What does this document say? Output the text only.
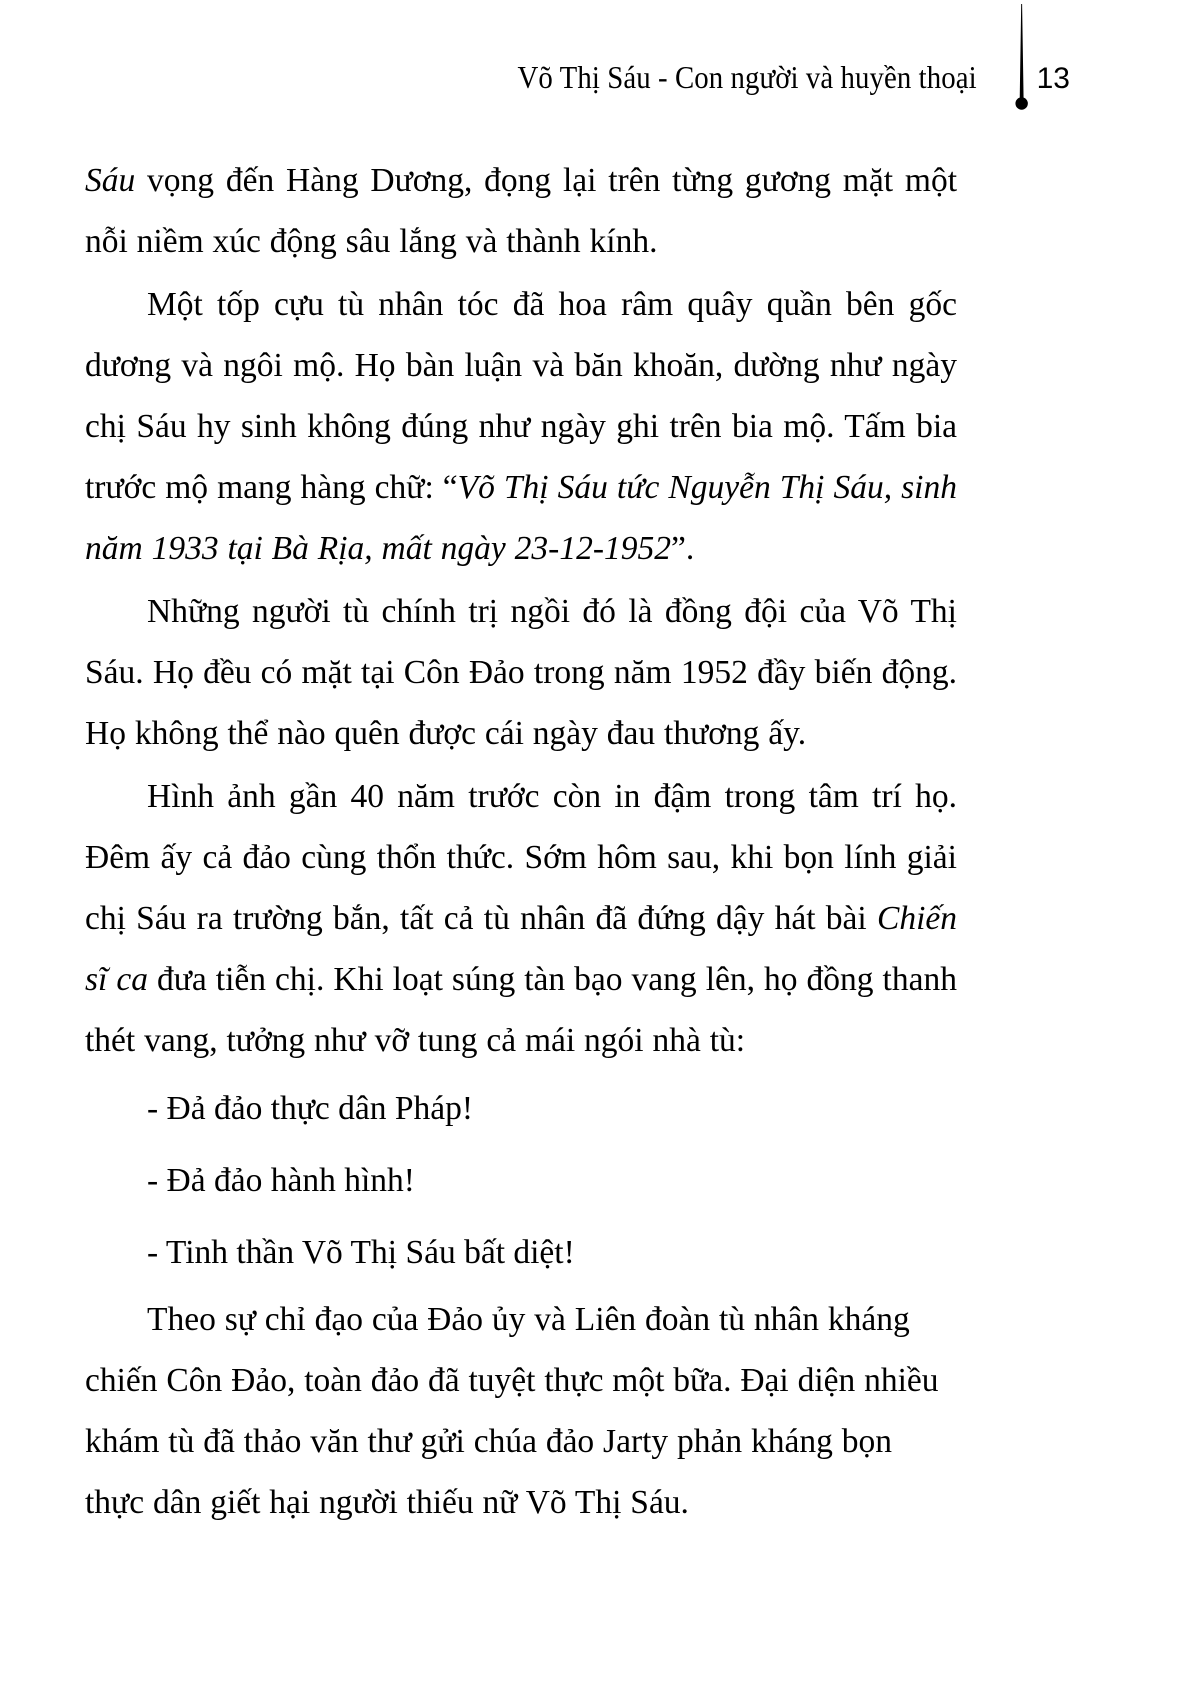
Võ Thị Sáu - Con người và huyền thoại 13

Sáu vọng đến Hàng Dương, đọng lại trên từng gương mặt một nỗi niềm xúc động sâu lắng và thành kính.

Một tốp cựu tù nhân tóc đã hoa râm quây quần bên gốc dương và ngôi mộ. Họ bàn luận và băn khoăn, dường như ngày chị Sáu hy sinh không đúng như ngày ghi trên bia mộ. Tấm bia trước mộ mang hàng chữ: “Võ Thị Sáu tức Nguyễn Thị Sáu, sinh năm 1933 tại Bà Rịa, mất ngày 23-12-1952”.

Những người tù chính trị ngồi đó là đồng đội của Võ Thị Sáu. Họ đều có mặt tại Côn Đảo trong năm 1952 đầy biến động. Họ không thể nào quên được cái ngày đau thương ấy.

Hình ảnh gần 40 năm trước còn in đậm trong tâm trí họ. Đêm ấy cả đảo cùng thổn thức. Sớm hôm sau, khi bọn lính giải chị Sáu ra trường bắn, tất cả tù nhân đã đứng dậy hát bài Chiến sĩ ca đưa tiễn chị. Khi loạt súng tàn bạo vang lên, họ đồng thanh thét vang, tưởng như vỡ tung cả mái ngói nhà tù:

- Đả đảo thực dân Pháp!

- Đả đảo hành hình!

- Tinh thần Võ Thị Sáu bất diệt!

Theo sự chỉ đạo của Đảo ủy và Liên đoàn tù nhân kháng chiến Côn Đảo, toàn đảo đã tuyệt thực một bữa. Đại diện nhiều khám tù đã thảo văn thư gửi chúa đảo Jarty phản kháng bọn thực dân giết hại người thiếu nữ Võ Thị Sáu.
